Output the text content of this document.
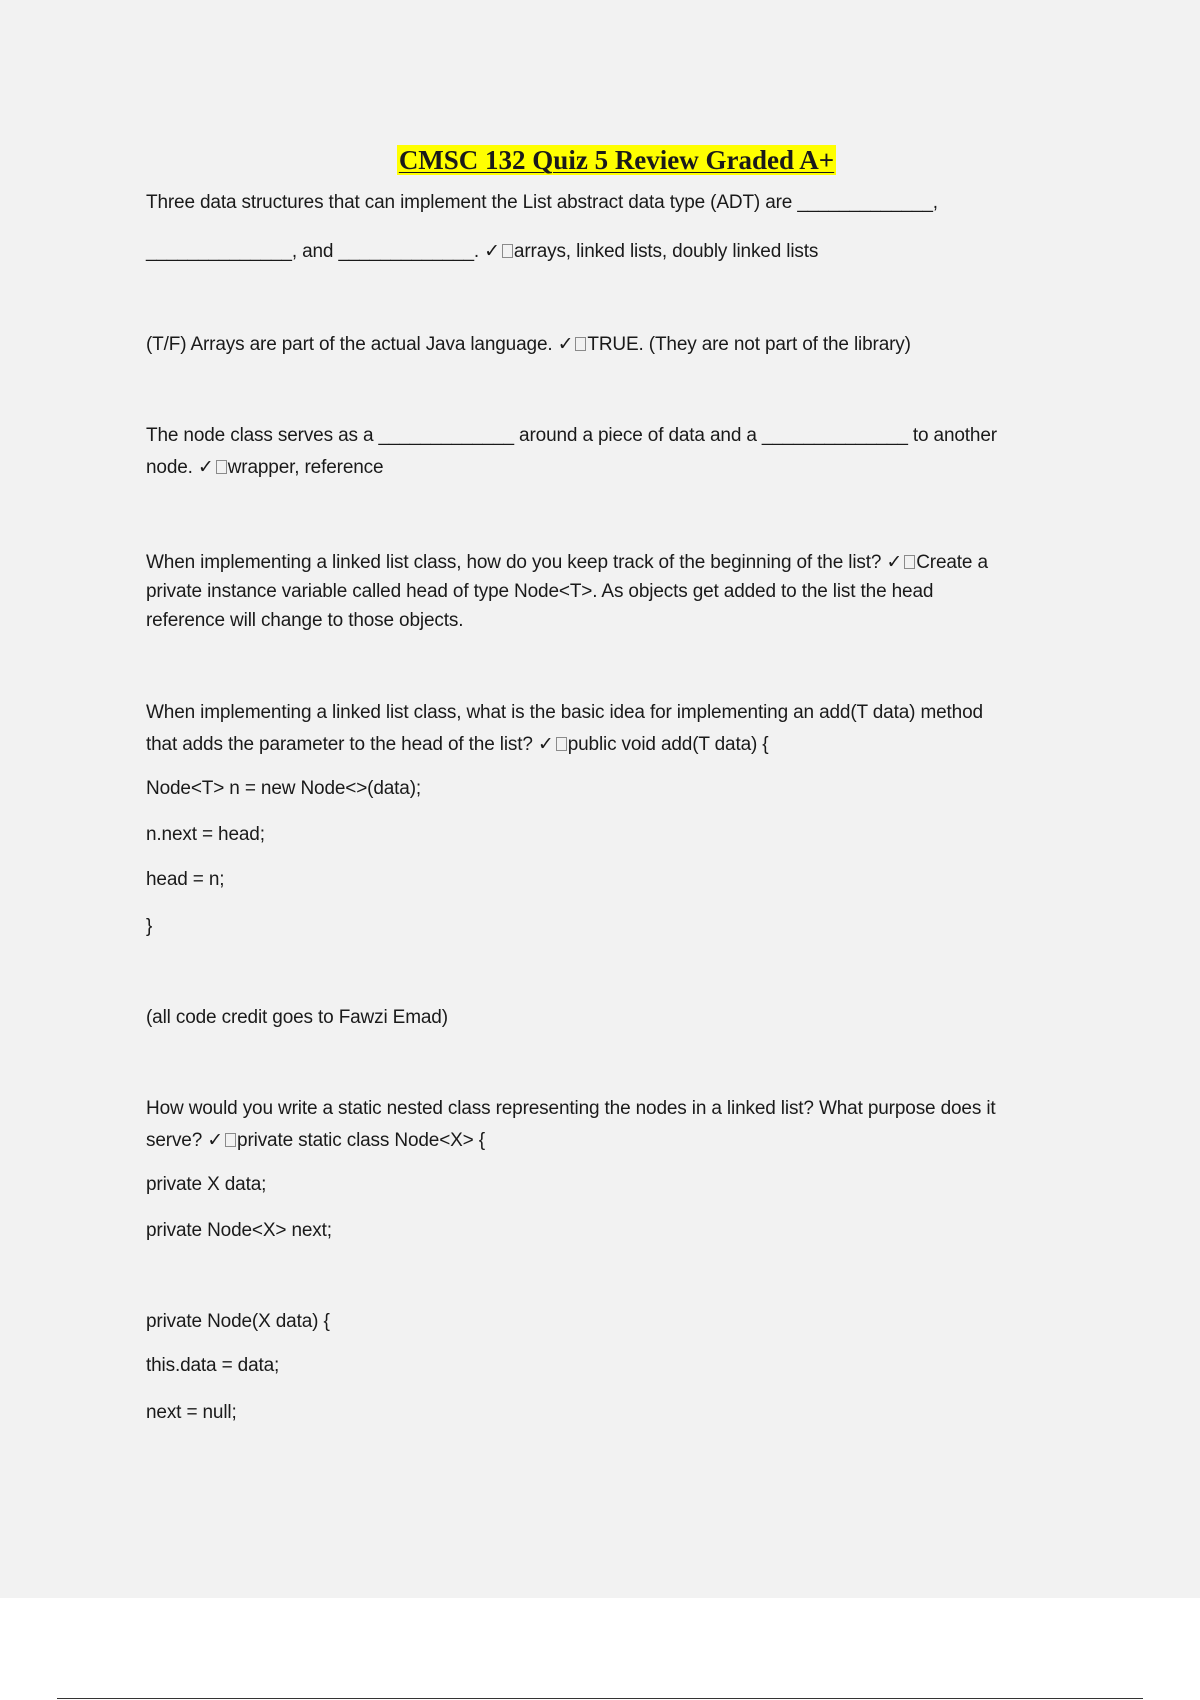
CMSC 132 Quiz 5 Review Graded A+
Three data structures that can implement the List abstract data type (ADT) are _____________,
______________, and _____________. ✓ arrays, linked lists, doubly linked lists
(T/F) Arrays are part of the actual Java language. ✓ TRUE. (They are not part of the library)
The node class serves as a _____________ around a piece of data and a ______________ to another
node. ✓ wrapper, reference
When implementing a linked list class, how do you keep track of the beginning of the list? ✓ Create a
private instance variable called head of type Node<T>. As objects get added to the list the head
reference will change to those objects.
When implementing a linked list class, what is the basic idea for implementing an add(T data) method
that adds the parameter to the head of the list? ✓ public void add(T data) {
Node<T> n = new Node<>(data);
n.next = head;
head = n;
}
(all code credit goes to Fawzi Emad)
How would you write a static nested class representing the nodes in a linked list? What purpose does it
serve? ✓ private static class Node<X> {
private X data;
private Node<X> next;
private Node(X data) {
this.data = data;
next = null;
